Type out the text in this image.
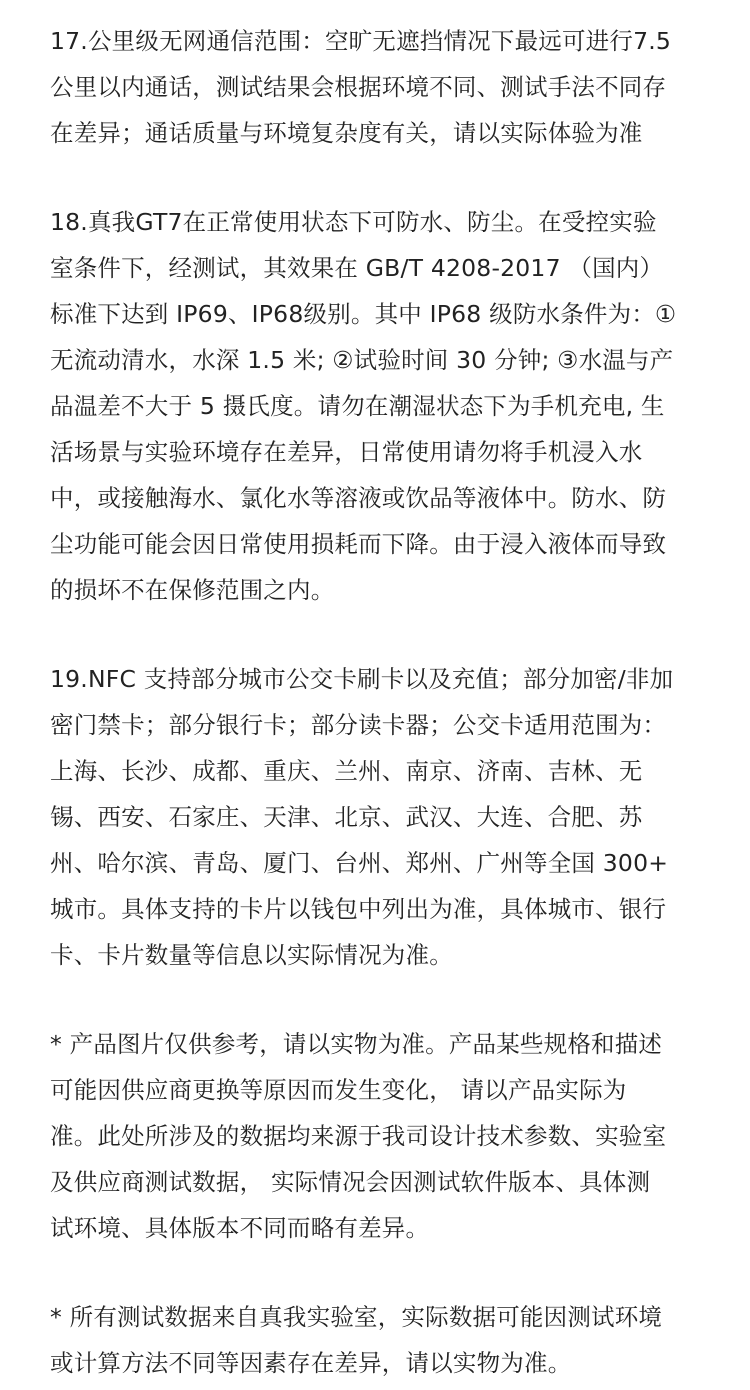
17.公里级无网通信范围：空旷无遮挡情况下最远可进行7.5
公里以内通话，测试结果会根据环境不同、测试手法不同存
在差异；通话质量与环境复杂度有关，请以实际体验为准
18.真我GT7在正常使用状态下可防水、防尘。在受控实验
室条件下，经测试，其效果在 GB/T 4208-2017 （国内）
标准下达到 IP69、IP68级别。其中 IP68 级防水条件为：①
无流动清水，水深 1.5 米; ②试验时间 30 分钟; ③水温与产
品温差不大于 5 摄氏度。请勿在潮湿状态下为手机充电, 生
活场景与实验环境存在差异，日常使用请勿将手机浸入水
中，或接触海水、氯化水等溶液或饮品等液体中。防水、防
尘功能可能会因日常使用损耗而下降。由于浸入液体而导致
的损坏不在保修范围之内。
19.NFC 支持部分城市公交卡刷卡以及充值；部分加密/非加
密门禁卡；部分银行卡；部分读卡器；公交卡适用范围为：
上海、长沙、成都、重庆、兰州、南京、济南、吉林、无
锡、西安、石家庄、天津、北京、武汉、大连、合肥、苏
州、哈尔滨、青岛、厦门、台州、郑州、广州等全国 300+
城市。具体支持的卡片以钱包中列出为准，具体城市、银行
卡、卡片数量等信息以实际情况为准。
* 产品图片仅供参考，请以实物为准。产品某些规格和描述
可能因供应商更换等原因而发生变化， 请以产品实际为
准。此处所涉及的数据均来源于我司设计技术参数、实验室
及供应商测试数据， 实际情况会因测试软件版本、具体测
试环境、具体版本不同而略有差异。
* 所有测试数据来自真我实验室，实际数据可能因测试环境
或计算方法不同等因素存在差异，请以实物为准。
